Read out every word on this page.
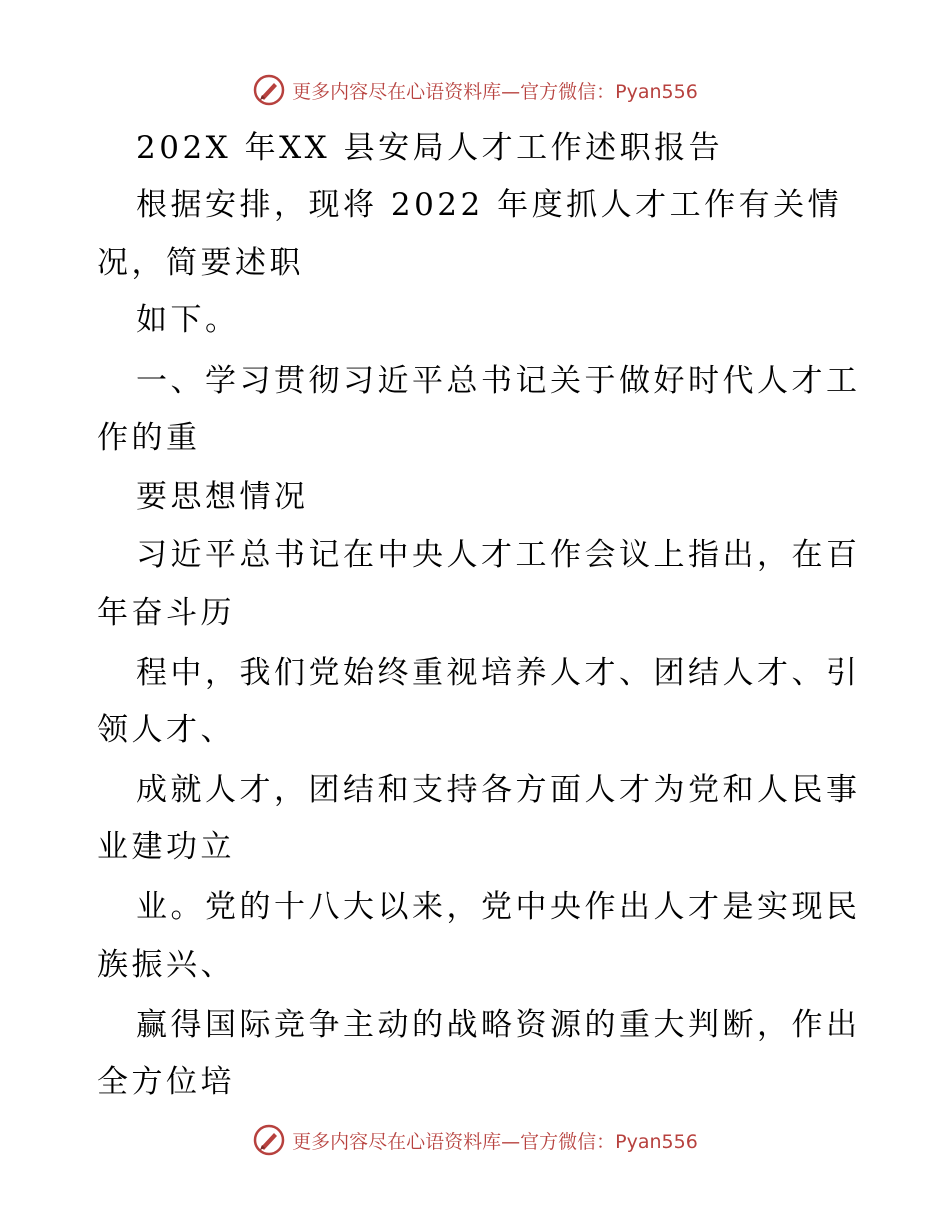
更多内容尽在心语资料库—官方微信：Pyan556
202X 年XX 县安局人才工作述职报告
根据安排，现将 2022 年度抓人才工作有关情
况，简要述职
如下。
一、学习贯彻习近平总书记关于做好时代人才工
作的重
要思想情况
习近平总书记在中央人才工作会议上指出，在百
年奋斗历
程中，我们党始终重视培养人才、团结人才、引
领人才、
成就人才，团结和支持各方面人才为党和人民事
业建功立
业。党的十八大以来，党中央作出人才是实现民
族振兴、
赢得国际竞争主动的战略资源的重大判断，作出
全方位培
更多内容尽在心语资料库—官方微信：Pyan556
